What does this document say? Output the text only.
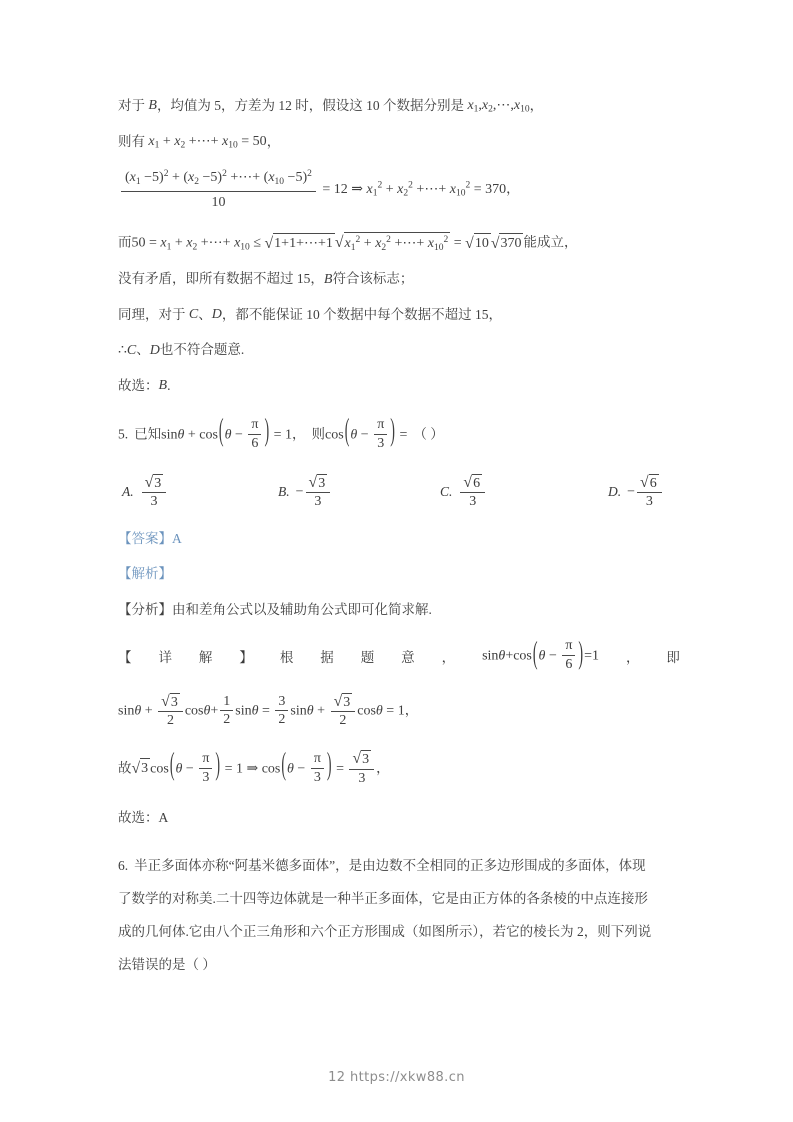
对于 B，均值为 5，方差为 12 时，假设这 10 个数据分别是 x1,x2,⋯,x10，
则有 x1 + x2 +⋯+ x10 = 50，
$\frac{(x1 -5)^2 + (x2 -5)^2 +\cdots+ (x10 -5)^2}{10} = 12$ ⇒ $x1^2 + x2^2$ +⋯+ $x10^2 = 370$，
而50 = x1 + x2 +⋯+ x10 ≤ √ 1+1+⋯+1 √ $x1^2 + x2^2$ +⋯+ $x10^2$ = √ 10 √ 370 能成立，
没有矛盾，即所有数据不超过 15，B符合该标志；
同理，对于 C、D，都不能保证 10 个数据中每个数据不超过 15，
∴C、D也不符合题意.
故选：B.
5. 已知$\sin\theta + \cos(\theta - \frac{\pi}{6}$ ) = 1， 则$\cos(\theta - \frac{\pi}{3}$ ) = （ ）
A. √ $\frac{3}{3}$	B. − √ $\frac{3}{3}$	C. √ $\frac{6}{3}$	D. − √ $\frac{6}{3}$
【答案】A
【解析】
【分析】由和差角公式以及辅助角公式即可化简求解.
【 详 解 】 根 据 题 意 ， $\sin\theta+\cos(\theta - \frac{\pi}{6} )=1$ ， 即
sinθ + √ $\frac{3}{2} \cos\theta+ \frac{1}{2}$ $\sin\theta = \frac{3}{2}$ sinθ + √ $\frac{3}{2}$ cosθ = 1，
故 √ 3 $\cos(\theta - \frac{\pi}{3}$ ) = 1 ⇒ $\cos(\theta - \frac{\pi}{3}$ ) = √ $\frac{3}{3}$ ，
故选：A
6. 半正多面体亦称“阿基米德多面体”，是由边数不全相同的正多边形围成的多面体，体现
了数学的对称美.二十四等边体就是一种半正多面体，它是由正方体的各条棱的中点连接形
成的几何体.它由八个正三角形和六个正方形围成（如图所示），若它的棱长为 2，则下列说
法错误的是（ ）
12 https://xkw88.cn
